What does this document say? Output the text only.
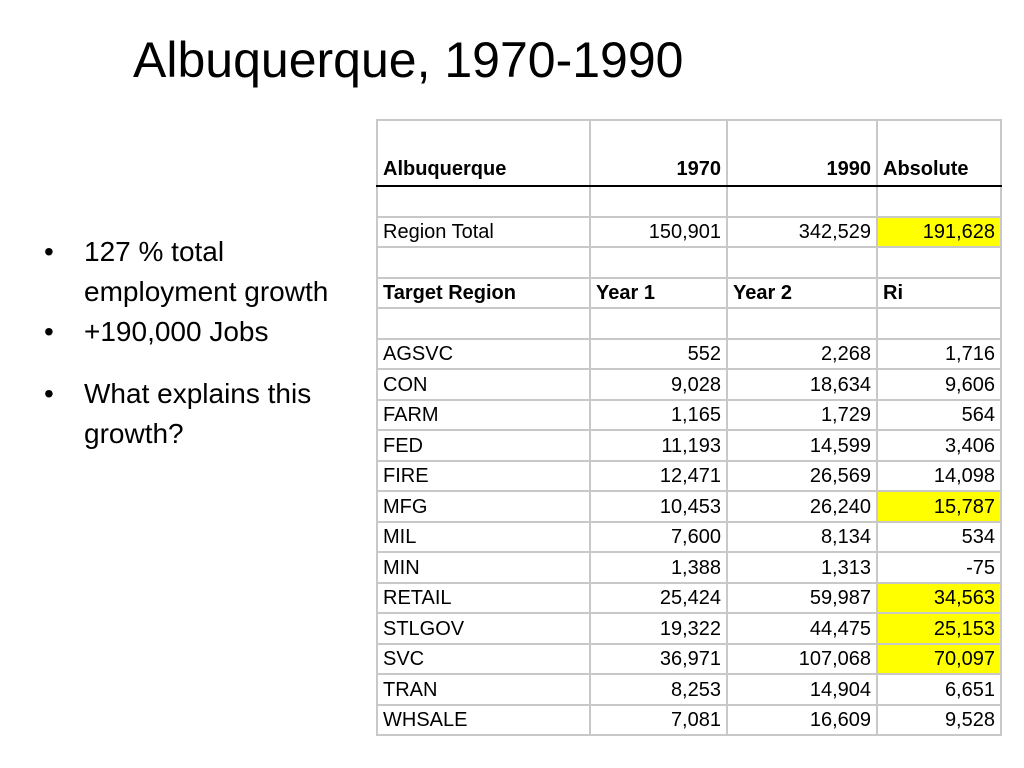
Albuquerque, 1970-1990
• 127 % total employment growth
• +190,000 Jobs
• What explains this growth?
Albuquerque	1970	1990	Absolute

Region Total	150,901	342,529	191,628

Target Region	Year 1	Year 2	Ri

AGSVC	552	2,268	1,716
CON	9,028	18,634	9,606
FARM	1,165	1,729	564
FED	11,193	14,599	3,406
FIRE	12,471	26,569	14,098
MFG	10,453	26,240	15,787
MIL	7,600	8,134	534
MIN	1,388	1,313	-75
RETAIL	25,424	59,987	34,563
STLGOV	19,322	44,475	25,153
SVC	36,971	107,068	70,097
TRAN	8,253	14,904	6,651
WHSALE	7,081	16,609	9,528
